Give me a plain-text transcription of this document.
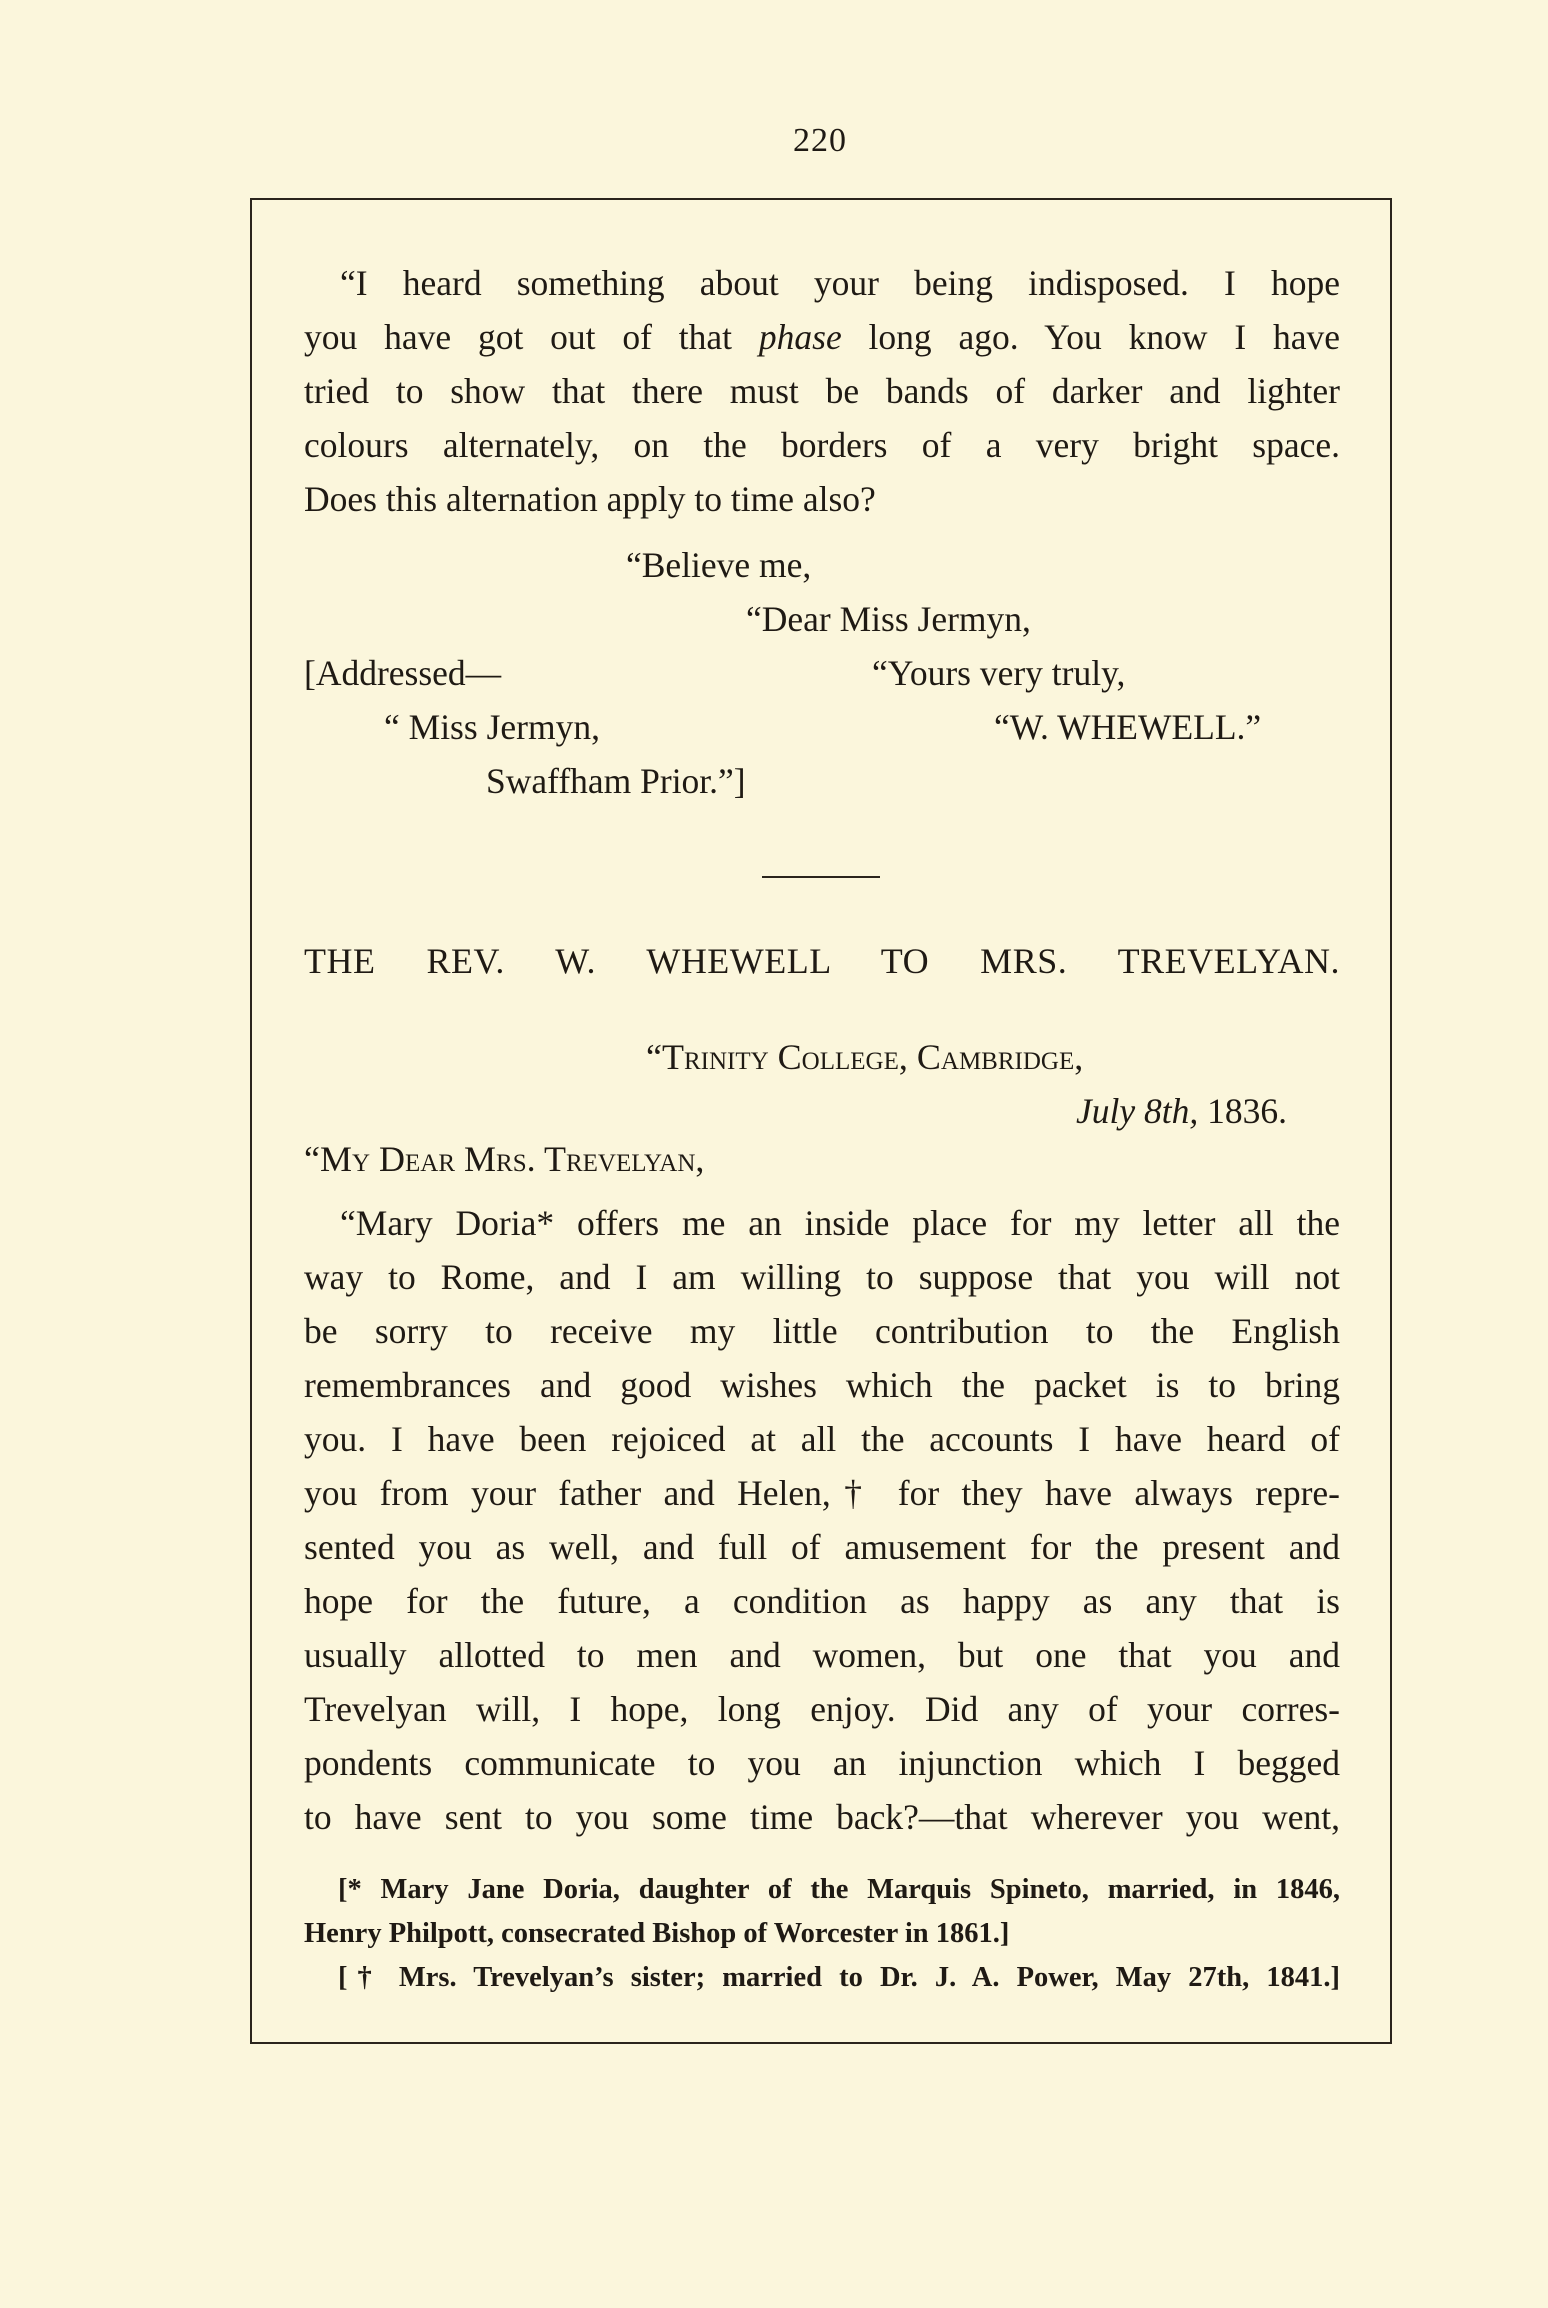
220
“I heard something about your being indisposed. I hope
you have got out of that phase long ago. You know I have
tried to show that there must be bands of darker and lighter
colours alternately, on the borders of a very bright space.
Does this alternation apply to time also?
“Believe me,
“Dear Miss Jermyn,
[Addressed—	“Yours very truly,
“ Miss Jermyn,	“W. WHEWELL.”
Swaffham Prior.”]
THE REV. W. WHEWELL TO MRS. TREVELYAN.
“Trinity College, Cambridge,
July 8th, 1836.
“My Dear Mrs. Trevelyan,
“Mary Doria* offers me an inside place for my letter all the
way to Rome, and I am willing to suppose that you will not
be sorry to receive my little contribution to the English
remembrances and good wishes which the packet is to bring
you. I have been rejoiced at all the accounts I have heard of
you from your father and Helen,† for they have always repre-
sented you as well, and full of amusement for the present and
hope for the future, a condition as happy as any that is
usually allotted to men and women, but one that you and
Trevelyan will, I hope, long enjoy. Did any of your corres-
pondents communicate to you an injunction which I begged
to have sent to you some time back?—that wherever you went,
[* Mary Jane Doria, daughter of the Marquis Spineto, married, in 1846,
Henry Philpott, consecrated Bishop of Worcester in 1861.]
[† Mrs. Trevelyan’s sister; married to Dr. J. A. Power, May 27th, 1841.]
